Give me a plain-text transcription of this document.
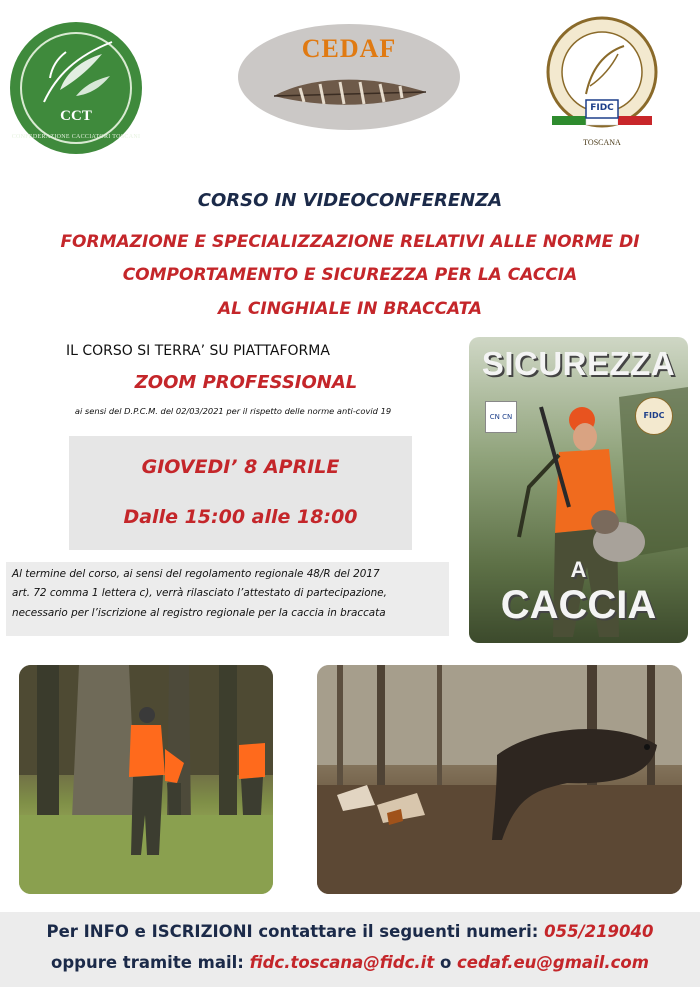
CCT
CONFEDERAZIONE CACCIATORI TOSCANI
CEDAF
FIDC
TOSCANA
CORSO IN VIDEOCONFERENZA
FORMAZIONE E SPECIALIZZAZIONE RELATIVI ALLE NORME DI
COMPORTAMENTO E SICUREZZA PER LA CACCIA
AL CINGHIALE IN BRACCATA
IL CORSO SI TERRA’ SU PIATTAFORMA
ZOOM PROFESSIONAL
ai sensi del D.P.C.M. del 02/03/2021 per il rispetto delle norme anti-covid 19
GIOVEDI’ 8 APRILE
Dalle 15:00 alle 18:00
Al termine del corso, ai sensi del regolamento regionale 48/R del 2017
art. 72 comma 1 lettera c), verrà rilasciato l’attestato di partecipazione,
necessario per l’iscrizione al registro regionale per la caccia in braccata
SICUREZZA
CN CN	FIDC
A
CACCIA
Per INFO e ISCRIZIONI contattare il seguenti numeri: 055/219040
oppure tramite mail: fidc.toscana@fidc.it o cedaf.eu@gmail.com
